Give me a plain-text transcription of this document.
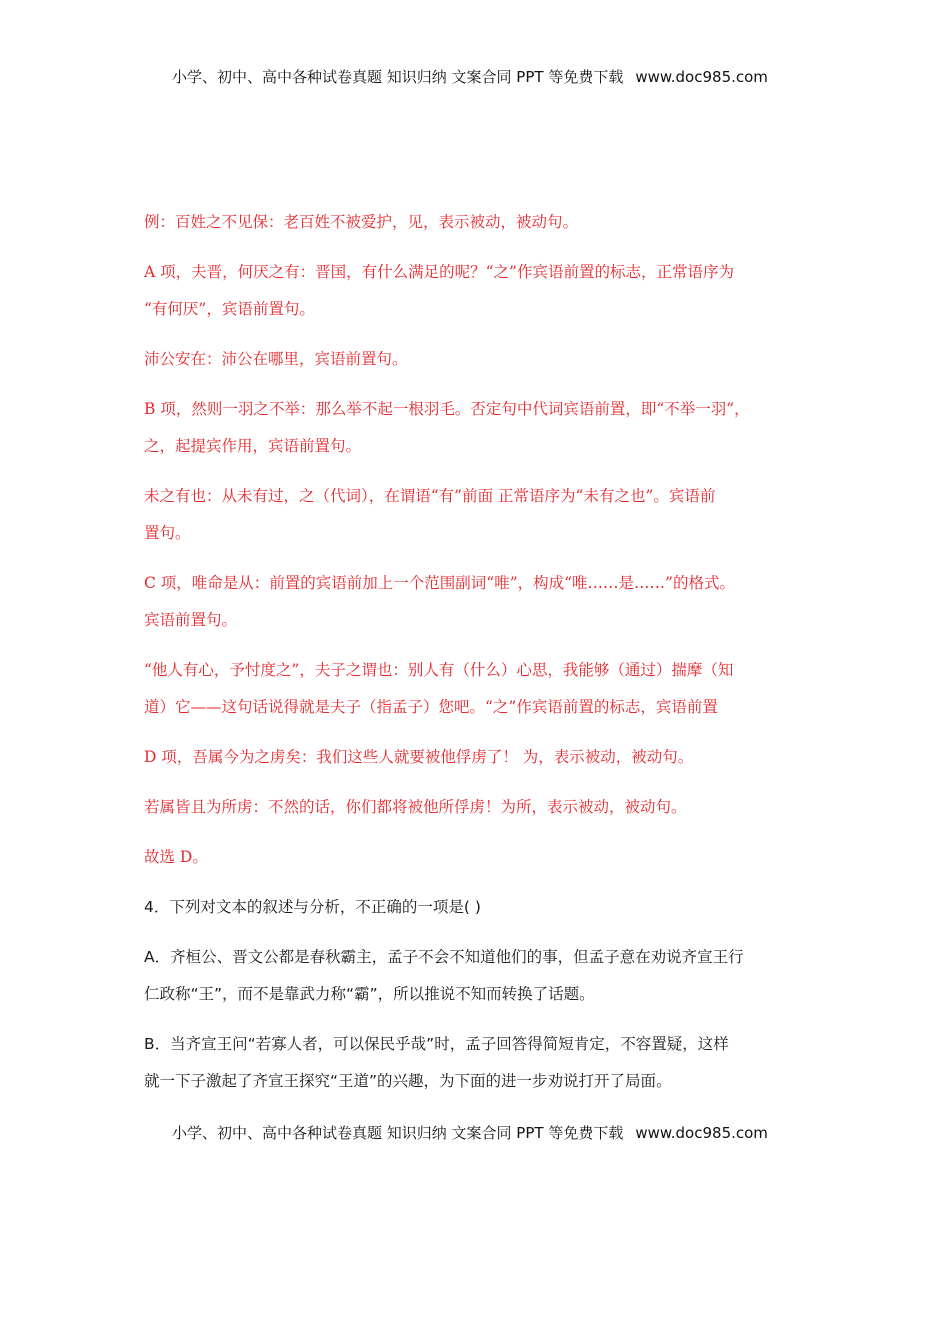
小学、初中、高中各种试卷真题 知识归纳 文案合同 PPT 等免费下载 www.doc985.com
例：百姓之不见保：老百姓不被爱护，见，表示被动，被动句。
A 项，夫晋，何厌之有：晋国，有什么满足的呢？“之”作宾语前置的标志，正常语序为
“有何厌”，宾语前置句。
沛公安在：沛公在哪里，宾语前置句。
B 项，然则一羽之不举：那么举不起一根羽毛。否定句中代词宾语前置，即“不举一羽”，
之，起提宾作用，宾语前置句。
未之有也：从未有过，之（代词），在谓语“有”前面 正常语序为“未有之也”。宾语前
置句。
C 项，唯命是从：前置的宾语前加上一个范围副词“唯”，构成“唯……是……”的格式。
宾语前置句。
“他人有心，予忖度之”，夫子之谓也：别人有（什么）心思，我能够（通过）揣摩（知
道）它——这句话说得就是夫子（指孟子）您吧。“之”作宾语前置的标志，宾语前置
D 项，吾属今为之虏矣：我们这些人就要被他俘虏了！ 为，表示被动，被动句。
若属皆且为所虏：不然的话，你们都将被他所俘虏！为所，表示被动，被动句。
故选 D。
4．下列对文本的叙述与分析，不正确的一项是( )
A．齐桓公、晋文公都是春秋霸主，孟子不会不知道他们的事，但孟子意在劝说齐宣王行
仁政称“王”，而不是靠武力称“霸”，所以推说不知而转换了话题。
B．当齐宣王问“若寡人者，可以保民乎哉”时，孟子回答得简短肯定，不容置疑，这样
就一下子激起了齐宣王探究“王道”的兴趣，为下面的进一步劝说打开了局面。
小学、初中、高中各种试卷真题 知识归纳 文案合同 PPT 等免费下载 www.doc985.com
